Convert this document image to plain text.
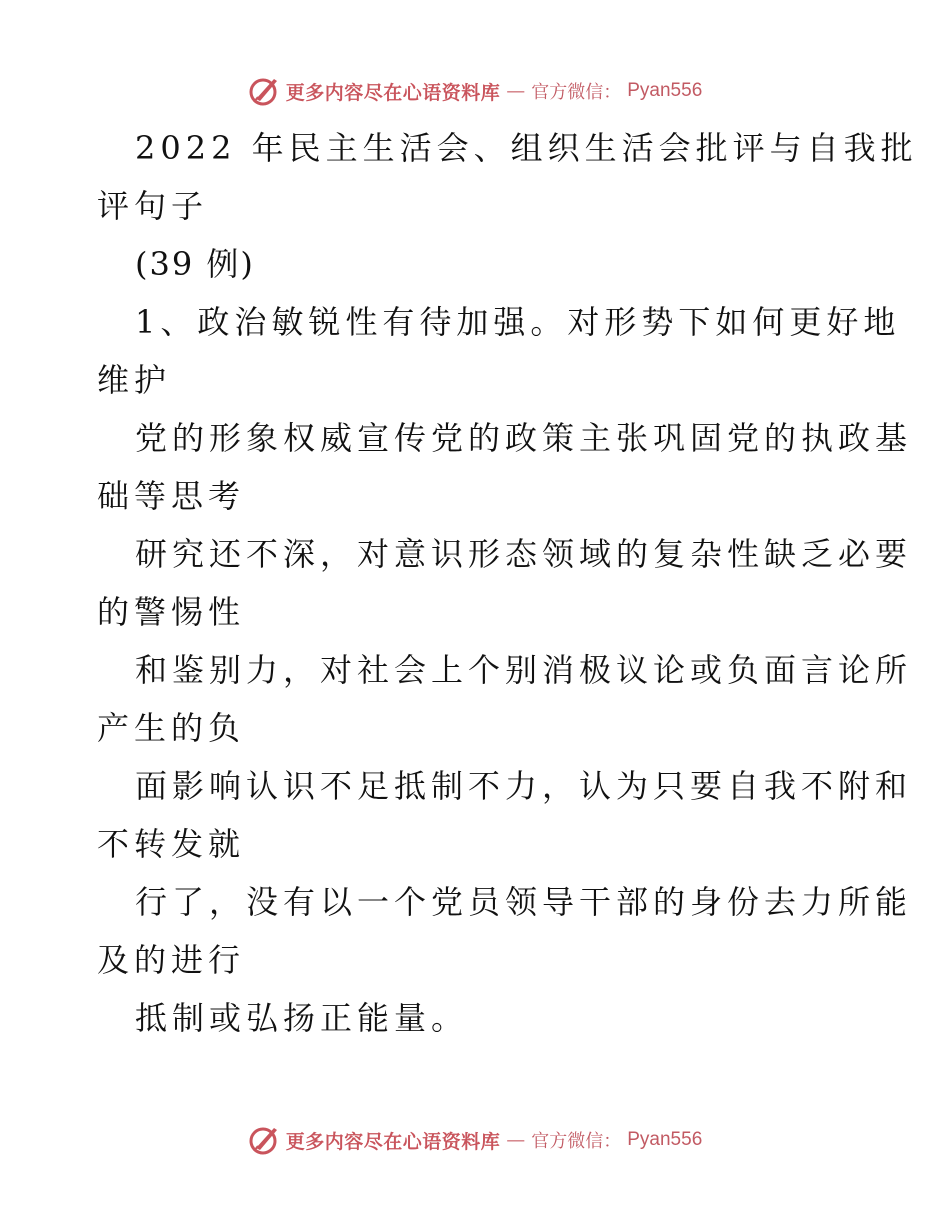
更多内容尽在心语资料库 — 官方微信： Pyan556
2022 年民主生活会、组织生活会批评与自我批
评句子
(39 例)
1、政治敏锐性有待加强。对形势下如何更好地
维护
党的形象权威宣传党的政策主张巩固党的执政基
础等思考
研究还不深，对意识形态领域的复杂性缺乏必要
的警惕性
和鉴别力，对社会上个别消极议论或负面言论所
产生的负
面影响认识不足抵制不力，认为只要自我不附和
不转发就
行了，没有以一个党员领导干部的身份去力所能
及的进行
抵制或弘扬正能量。
更多内容尽在心语资料库 — 官方微信： Pyan556
